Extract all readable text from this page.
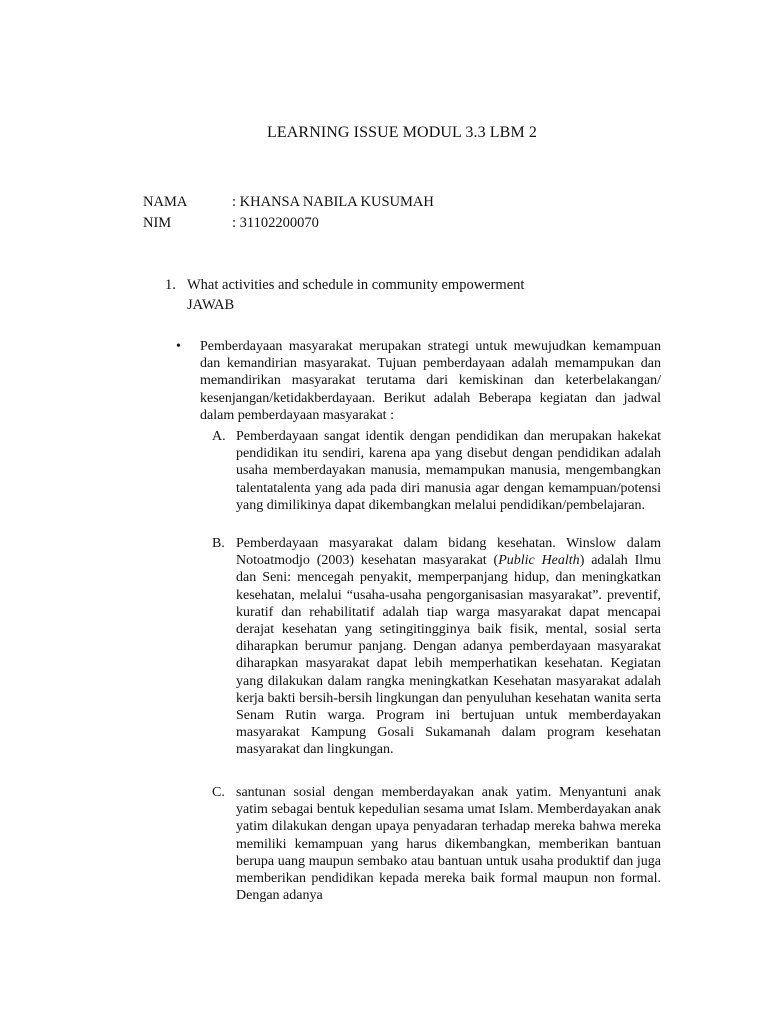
LEARNING ISSUE MODUL 3.3 LBM 2
NAMA	: KHANSA NABILA KUSUMAH
NIM	: 31102200070
1. What activities and schedule in community empowerment
JAWAB
• Pemberdayaan masyarakat merupakan strategi untuk mewujudkan kemampuan dan kemandirian masyarakat. Tujuan pemberdayaan adalah memampukan dan memandirikan masyarakat terutama dari kemiskinan dan keterbelakangan/ kesenjangan/ketidakberdayaan. Berikut adalah Beberapa kegiatan dan jadwal dalam pemberdayaan masyarakat :

A. Pemberdayaan sangat identik dengan pendidikan dan merupakan hakekat pendidikan itu sendiri, karena apa yang disebut dengan pendidikan adalah usaha memberdayakan manusia, memampukan manusia, mengembangkan talentatalenta yang ada pada diri manusia agar dengan kemampuan/potensi yang dimilikinya dapat dikembangkan melalui pendidikan/pembelajaran.

B. Pemberdayaan masyarakat dalam bidang kesehatan. Winslow dalam Notoatmodjo (2003) kesehatan masyarakat (Public Health) adalah Ilmu dan Seni: mencegah penyakit, memperpanjang hidup, dan meningkatkan kesehatan, melalui “usaha-usaha pengorganisasian masyarakat”. preventif, kuratif dan rehabilitatif adalah tiap warga masyarakat dapat mencapai derajat kesehatan yang setingitingginya baik fisik, mental, sosial serta diharapkan berumur panjang. Dengan adanya pemberdayaan masyarakat diharapkan masyarakat dapat lebih memperhatikan kesehatan. Kegiatan yang dilakukan dalam rangka meningkatkan Kesehatan masyarakat adalah kerja bakti bersih-bersih lingkungan dan penyuluhan kesehatan wanita serta Senam Rutin warga. Program ini bertujuan untuk memberdayakan masyarakat Kampung Gosali Sukamanah dalam program kesehatan masyarakat dan lingkungan.

C. santunan sosial dengan memberdayakan anak yatim. Menyantuni anak yatim sebagai bentuk kepedulian sesama umat Islam. Memberdayakan anak yatim dilakukan dengan upaya penyadaran terhadap mereka bahwa mereka memiliki kemampuan yang harus dikembangkan, memberikan bantuan berupa uang maupun sembako atau bantuan untuk usaha produktif dan juga memberikan pendidikan kepada mereka baik formal maupun non formal. Dengan adanya
